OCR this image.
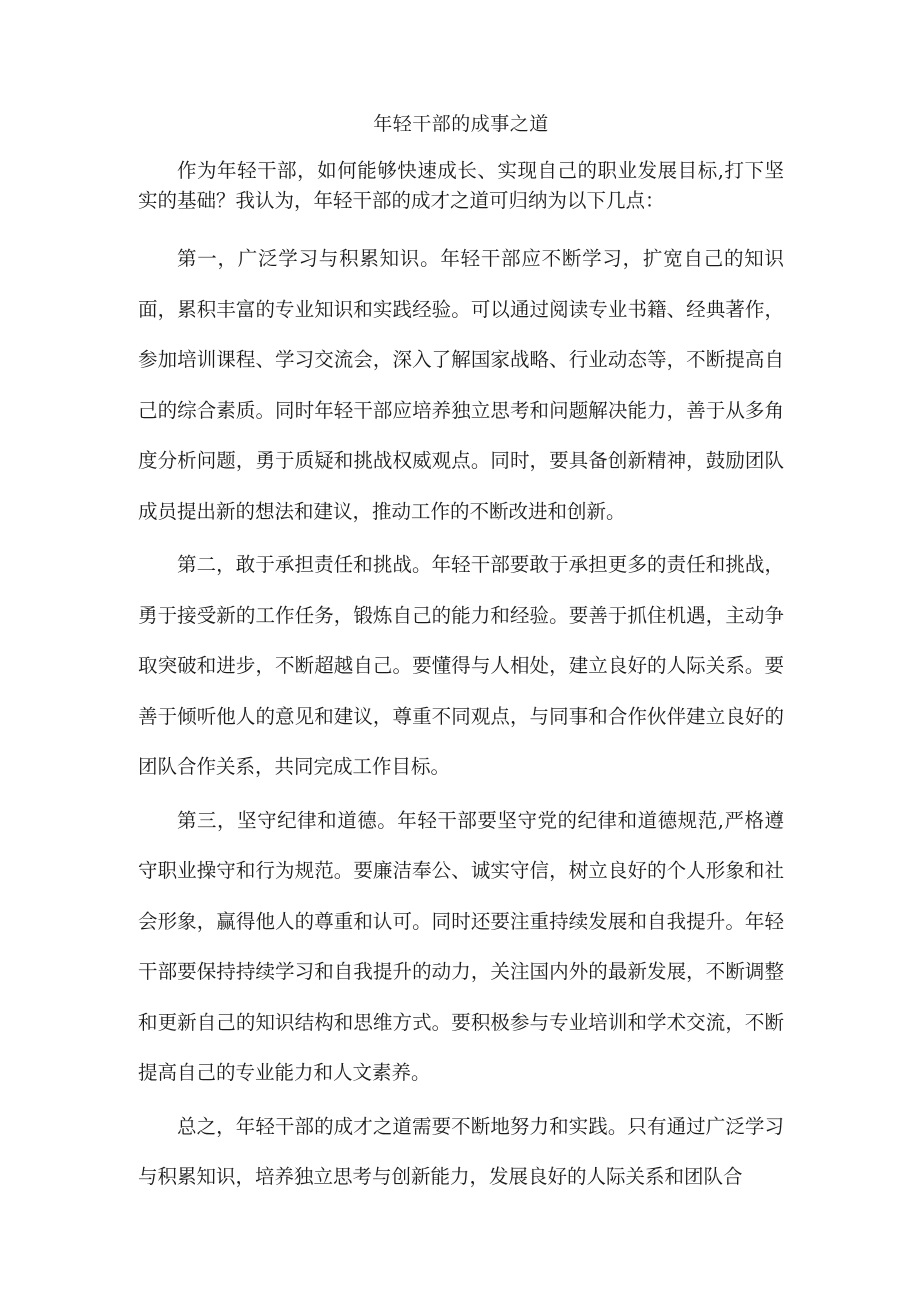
年轻干部的成事之道

作为年轻干部，如何能够快速成长、实现自己的职业发展目标,打下坚实的基础？我认为，年轻干部的成才之道可归纳为以下几点：

第一，广泛学习与积累知识。年轻干部应不断学习，扩宽自己的知识面，累积丰富的专业知识和实践经验。可以通过阅读专业书籍、经典著作，参加培训课程、学习交流会，深入了解国家战略、行业动态等，不断提高自己的综合素质。同时年轻干部应培养独立思考和问题解决能力，善于从多角度分析问题，勇于质疑和挑战权威观点。同时，要具备创新精神，鼓励团队成员提出新的想法和建议，推动工作的不断改进和创新。

第二，敢于承担责任和挑战。年轻干部要敢于承担更多的责任和挑战，勇于接受新的工作任务，锻炼自己的能力和经验。要善于抓住机遇，主动争取突破和进步，不断超越自己。要懂得与人相处，建立良好的人际关系。要善于倾听他人的意见和建议，尊重不同观点，与同事和合作伙伴建立良好的团队合作关系，共同完成工作目标。

第三，坚守纪律和道德。年轻干部要坚守党的纪律和道德规范,严格遵守职业操守和行为规范。要廉洁奉公、诚实守信，树立良好的个人形象和社会形象，赢得他人的尊重和认可。同时还要注重持续发展和自我提升。年轻干部要保持持续学习和自我提升的动力，关注国内外的最新发展，不断调整和更新自己的知识结构和思维方式。要积极参与专业培训和学术交流，不断提高自己的专业能力和人文素养。

总之，年轻干部的成才之道需要不断地努力和实践。只有通过广泛学习与积累知识，培养独立思考与创新能力，发展良好的人际关系和团队合
